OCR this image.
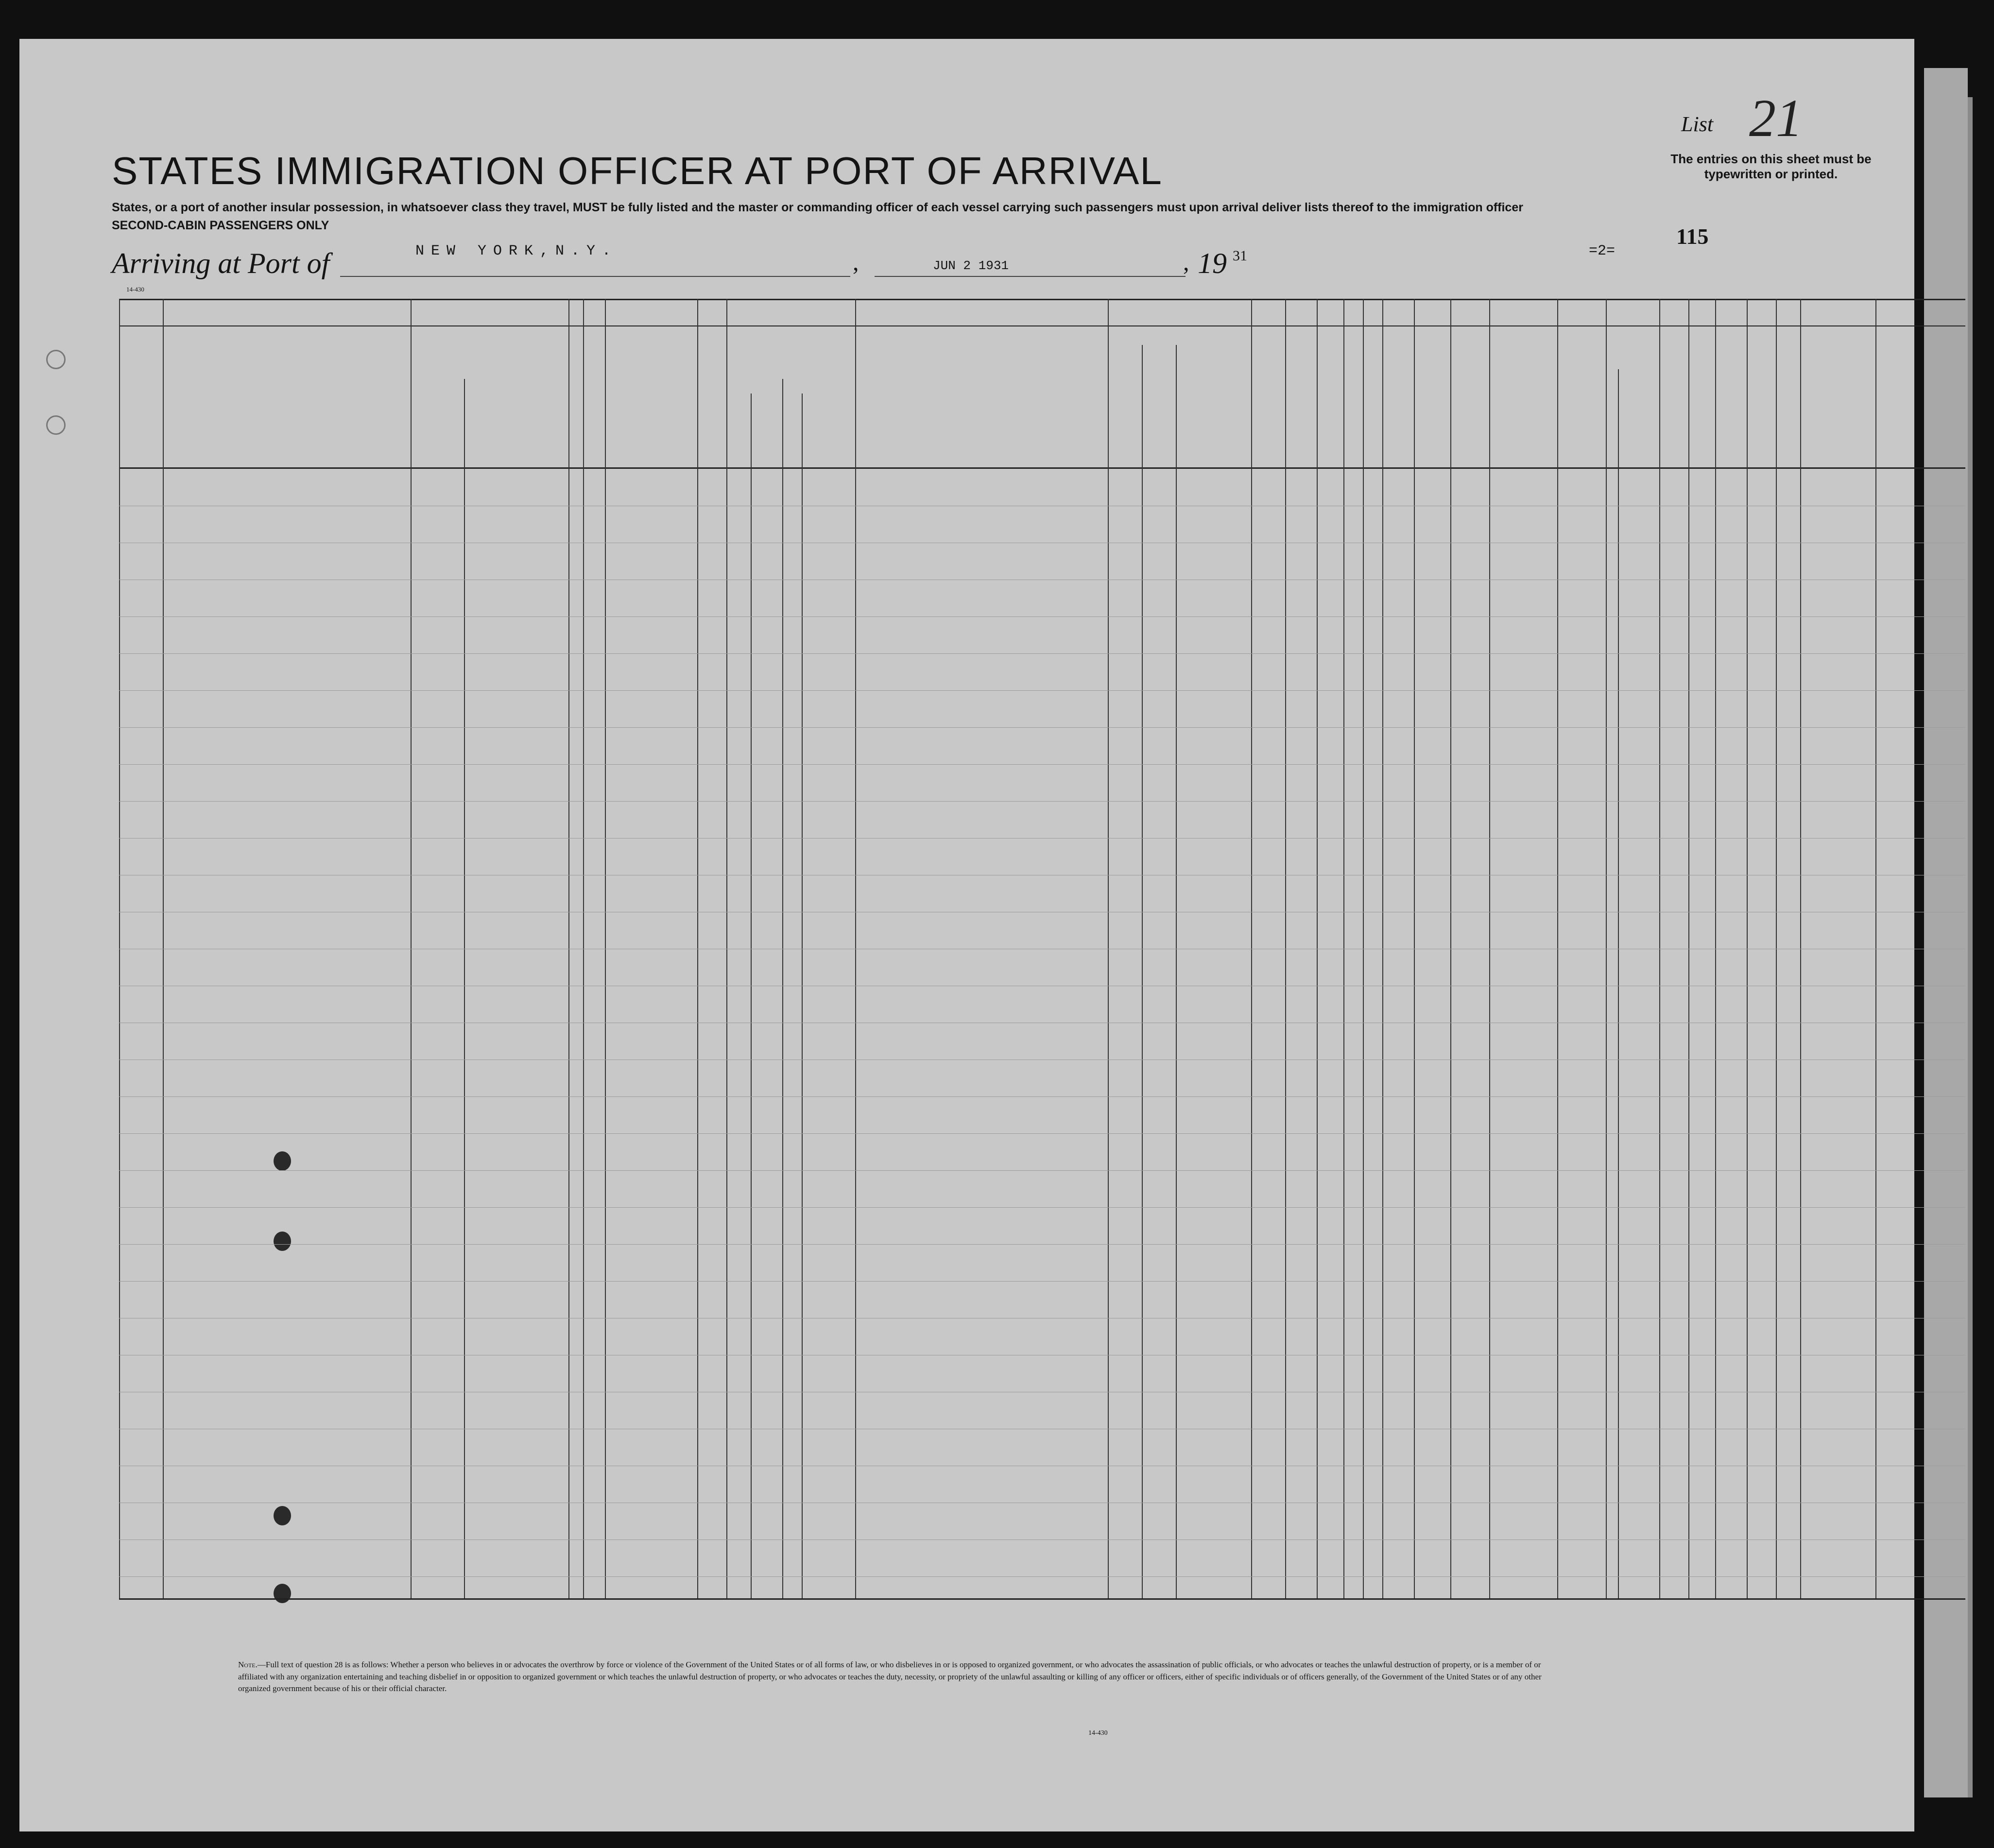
List 21
The entries on this sheet must be typewritten or printed.
STATES IMMIGRATION OFFICER AT PORT OF ARRIVAL
States, or a port of another insular possession, in whatsoever class they travel, MUST be fully listed and the master or commanding officer of each vessel carrying such passengers must upon arrival deliver lists thereof to the immigration officer
SECOND-CABIN PASSENGERS ONLY
Arriving at Port of	NEW YORK,N.Y.	,	JUN 2 1931	, 19 31	=2=
115
14-430
Note.—Full text of question 28 is as follows: Whether a person who believes in or advocates the overthrow by force or violence of the Government of the United States or of all forms of law, or who disbelieves in or is opposed to organized government, or who advocates the assassination of public officials, or who advocates or teaches the unlawful destruction of property, or is a member of or affiliated with any organization entertaining and teaching disbelief in or opposition to organized government or which teaches the unlawful destruction of property, or who advocates or teaches the duty, necessity, or propriety of the unlawful assaulting or killing of any officer or officers, either of specific individuals or of officers generally, of the Government of the United States or of any other organized government because of his or their official character.
14-430
